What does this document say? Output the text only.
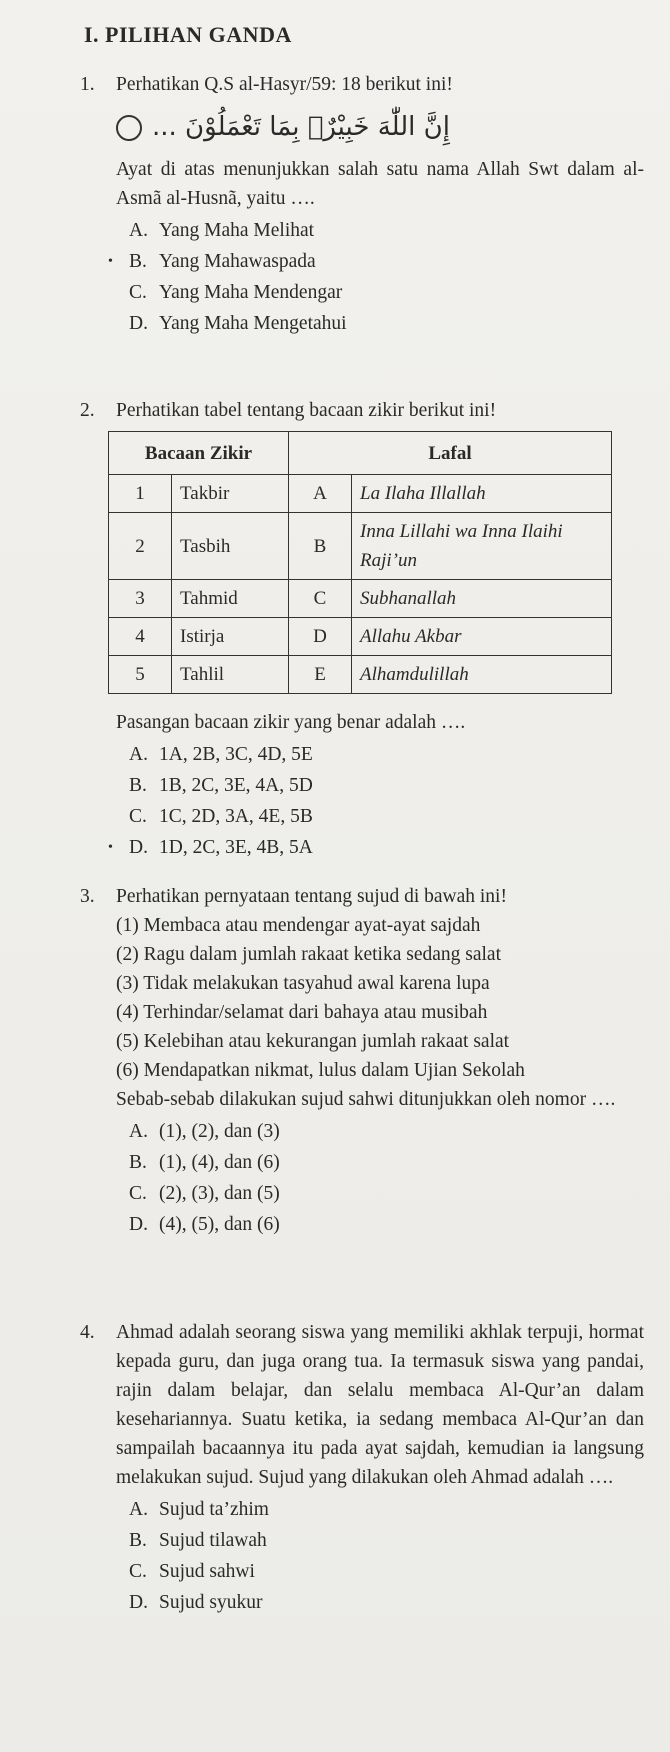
I. PILIHAN GANDA
1. Perhatikan Q.S al-Hasyr/59: 18 berikut ini!
إِنَّ اللّٰهَ خَبِيْرٌۢ بِمَا تَعْمَلُوْنَ ...
Ayat di atas menunjukkan salah satu nama Allah Swt dalam al-Asmã al-Husnã, yaitu ….
A. Yang Maha Melihat
• B. Yang Mahawaspada
C. Yang Maha Mendengar
D. Yang Maha Mengetahui
2. Perhatikan tabel tentang bacaan zikir berikut ini!
Bacaan Zikir		Lafal	
1	Takbir	A	La Ilaha Illallah
2	Tasbih	B	Inna Lillahi wa Inna Ilaihi Raji’un
3	Tahmid	C	Subhanallah
4	Istirja	D	Allahu Akbar
5	Tahlil	E	Alhamdulillah
Pasangan bacaan zikir yang benar adalah ….
A. 1A, 2B, 3C, 4D, 5E
B. 1B, 2C, 3E, 4A, 5D
C. 1C, 2D, 3A, 4E, 5B
• D. 1D, 2C, 3E, 4B, 5A
3. Perhatikan pernyataan tentang sujud di bawah ini!
(1) Membaca atau mendengar ayat-ayat sajdah
(2) Ragu dalam jumlah rakaat ketika sedang salat
(3) Tidak melakukan tasyahud awal karena lupa
(4) Terhindar/selamat dari bahaya atau musibah
(5) Kelebihan atau kekurangan jumlah rakaat salat
(6) Mendapatkan nikmat, lulus dalam Ujian Sekolah
Sebab-sebab dilakukan sujud sahwi ditunjukkan oleh nomor ….
A. (1), (2), dan (3)
B. (1), (4), dan (6)
C. (2), (3), dan (5)
D. (4), (5), dan (6)
4. Ahmad adalah seorang siswa yang memiliki akhlak terpuji, hormat kepada guru, dan juga orang tua. Ia termasuk siswa yang pandai, rajin dalam belajar, dan selalu membaca Al-Qur’an dalam kesehariannya. Suatu ketika, ia sedang membaca Al-Qur’an dan sampailah bacaannya itu pada ayat sajdah, kemudian ia langsung melakukan sujud. Sujud yang dilakukan oleh Ahmad adalah ….
A. Sujud ta’zhim
B. Sujud tilawah
C. Sujud sahwi
D. Sujud syukur
